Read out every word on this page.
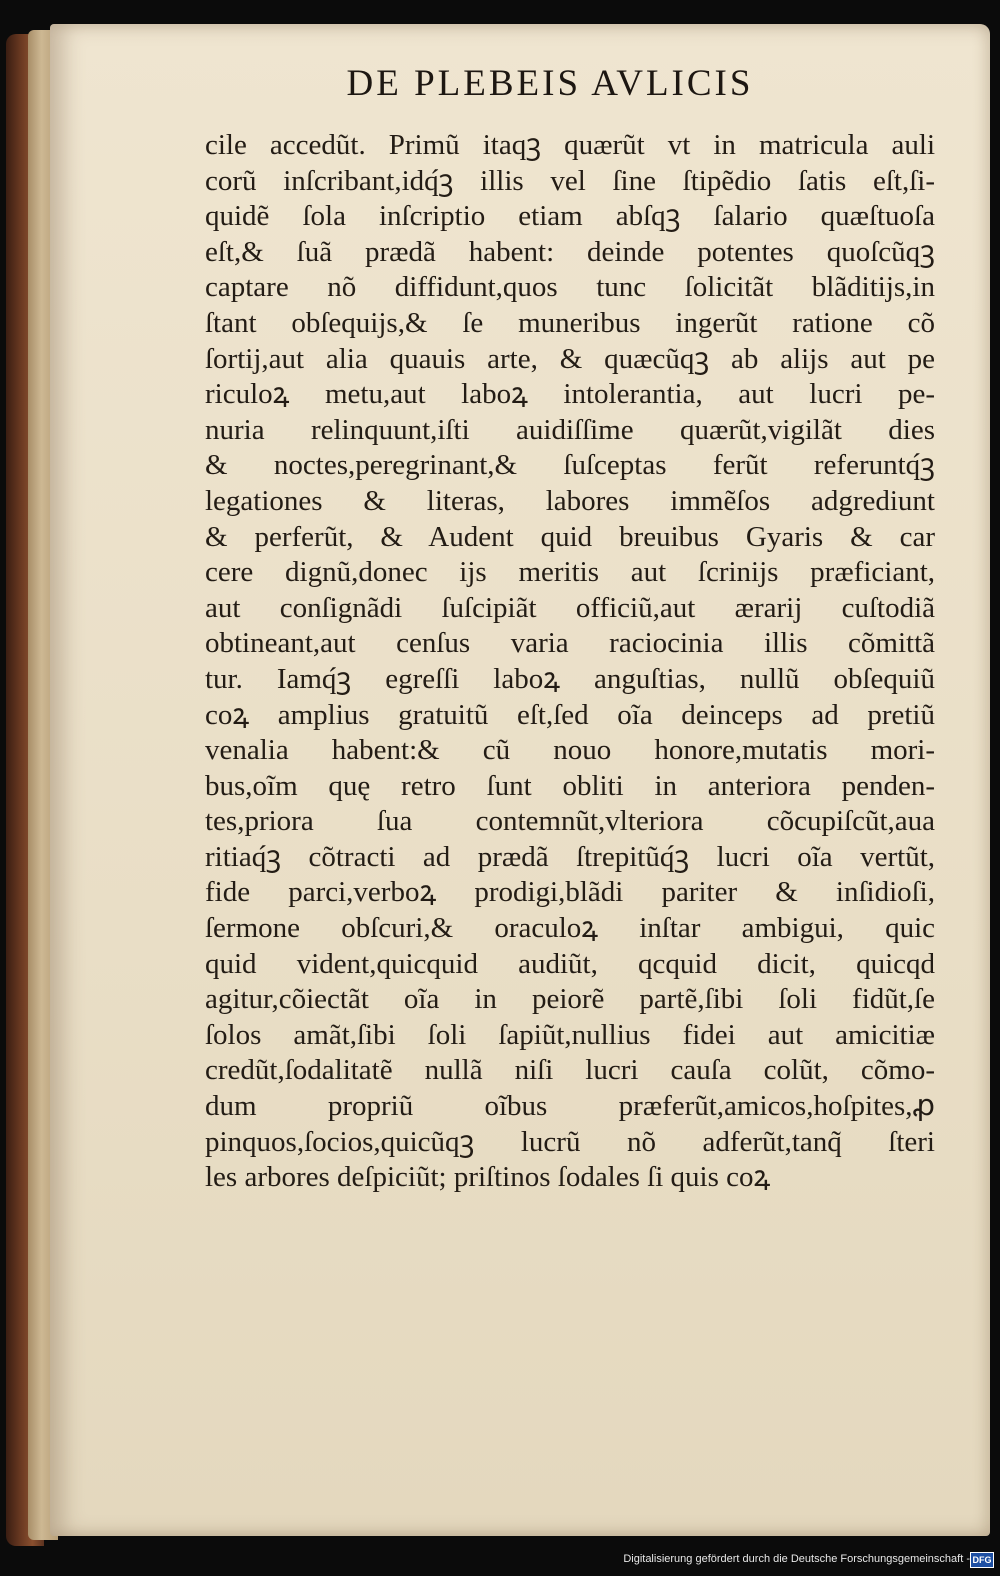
DE PLEBEIS AVLICIS
cile accedũt. Primũ itaqꝫ quærũt vt in matricula auli
corũ inſcribant,idq́ꝫ illis vel ſine ſtipẽdio ſatis eſt,ſi-
quidẽ ſola inſcriptio etiam abſqꝫ ſalario quæſtuoſa
eſt,& ſuã prædã habent: deinde potentes quoſcũqꝫ
captare nõ diffidunt,quos tunc ſolicitãt blãditijs,in
ſtant obſequijs,& ſe muneribus ingerũt ratione cõ
ſortij,aut alia quauis arte, & quæcũqꝫ ab alijs aut pe
riculoꝝ metu,aut laboꝝ intolerantia, aut lucri pe-
nuria relinquunt,iſti auidiſſime quærũt,vigilãt dies
& noctes,peregrinant,& ſuſceptas ferũt referuntq́ꝫ
legationes & literas, labores immẽſos adgrediunt
& perferũt, & Audent quid breuibus Gyaris & car
cere dignũ,donec ijs meritis aut ſcrinijs præficiant,
aut conſignãdi ſuſcipiãt officiũ,aut ærarij cuſtodiã
obtineant,aut cenſus varia raciocinia illis cõmittã
tur. Iamq́ꝫ egreſſi laboꝝ anguſtias, nullũ obſequiũ
coꝝ amplius gratuitũ eſt,ſed oĩa deinceps ad pretiũ
venalia habent:& cũ nouo honore,mutatis mori-
bus,oĩm quę retro ſunt obliti in anteriora penden-
tes,priora ſua contemnũt,vlteriora cõcupiſcũt,aua
ritiaq́ꝫ cõtracti ad prædã ſtrepitũq́ꝫ lucri oĩa vertũt,
fide parci,verboꝝ prodigi,blãdi pariter & inſidioſi,
ſermone obſcuri,& oraculoꝝ inſtar ambigui, quic
quid vident,quicquid audiũt, qcquid dicit, quicqd
agitur,cõiectãt oĩa in peiorẽ partẽ,ſibi ſoli fidũt,ſe
ſolos amãt,ſibi ſoli ſapiũt,nullius fidei aut amicitiæ
credũt,ſodalitatẽ nullã niſi lucri cauſa colũt, cõmo-
dum propriũ oĩbus præferũt,amicos,hoſpites,ꝓ
pinquos,ſocios,quicũqꝫ lucrũ nõ adferũt,tanq̃ ſteri
les arbores deſpiciũt; priſtinos ſodales ſi quis coꝝ
Digitalisierung gefördert durch die Deutsche Forschungsgemeinschaft - DFG
